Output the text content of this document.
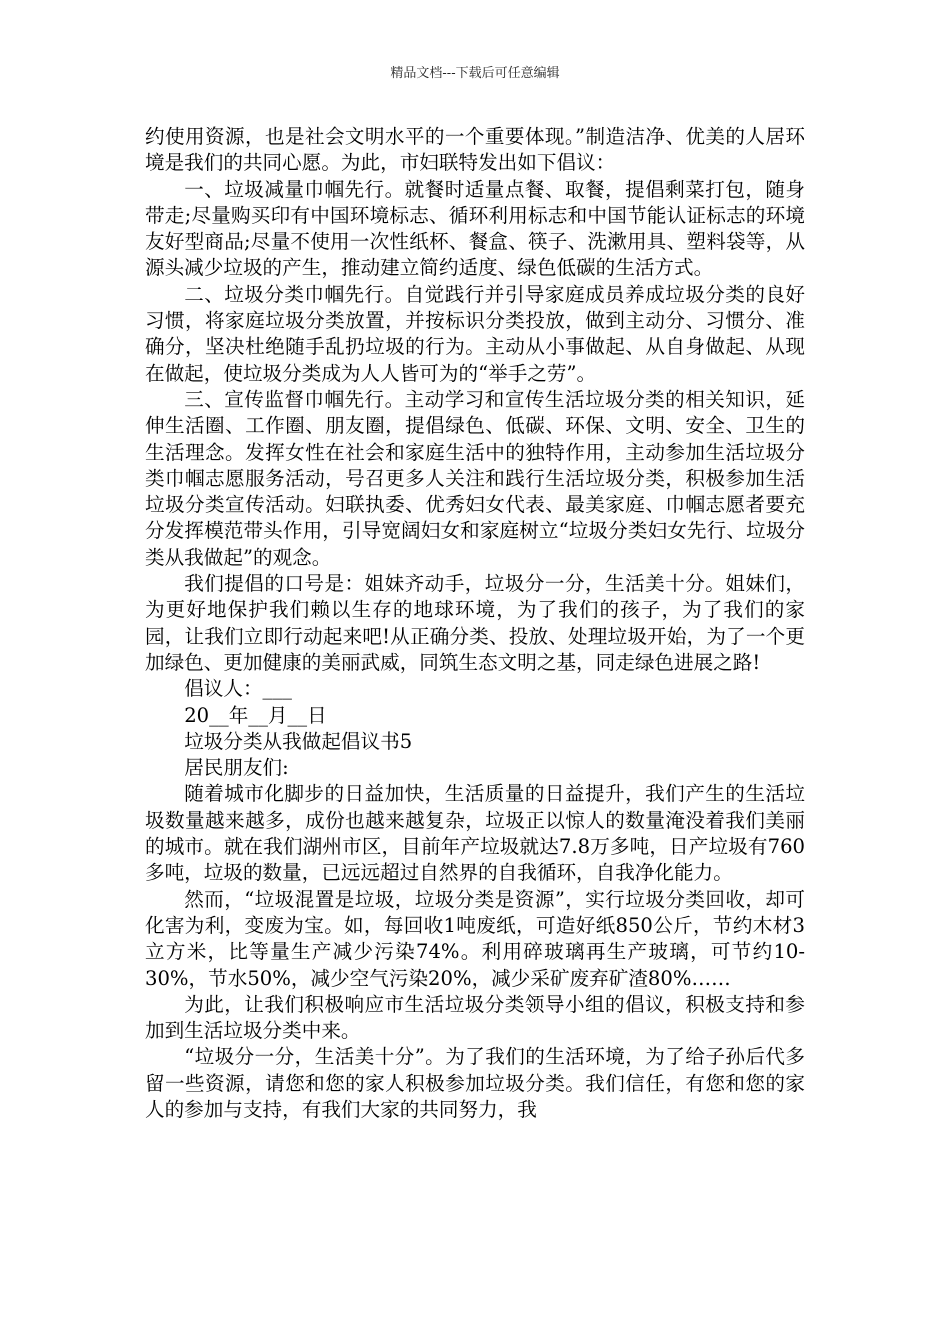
精品文档---下载后可任意编辑

约使用资源，也是社会文明水平的一个重要体现。”制造洁净、优美的人居环境是我们的共同心愿。为此，市妇联特发出如下倡议：

一、垃圾减量巾帼先行。就餐时适量点餐、取餐，提倡剩菜打包，随身带走;尽量购买印有中国环境标志、循环利用标志和中国节能认证标志的环境友好型商品;尽量不使用一次性纸杯、餐盒、筷子、洗漱用具、塑料袋等，从源头减少垃圾的产生，推动建立简约适度、绿色低碳的生活方式。

二、垃圾分类巾帼先行。自觉践行并引导家庭成员养成垃圾分类的良好习惯，将家庭垃圾分类放置，并按标识分类投放，做到主动分、习惯分、准确分，坚决杜绝随手乱扔垃圾的行为。主动从小事做起、从自身做起、从现在做起，使垃圾分类成为人人皆可为的“举手之劳”。

三、宣传监督巾帼先行。主动学习和宣传生活垃圾分类的相关知识，延伸生活圈、工作圈、朋友圈，提倡绿色、低碳、环保、文明、安全、卫生的生活理念。发挥女性在社会和家庭生活中的独特作用，主动参加生活垃圾分类巾帼志愿服务活动，号召更多人关注和践行生活垃圾分类，积极参加生活垃圾分类宣传活动。妇联执委、优秀妇女代表、最美家庭、巾帼志愿者要充分发挥模范带头作用，引导宽阔妇女和家庭树立“垃圾分类妇女先行、垃圾分类从我做起”的观念。

我们提倡的口号是：姐妹齐动手，垃圾分一分，生活美十分。姐妹们，为更好地保护我们赖以生存的地球环境，为了我们的孩子，为了我们的家园，让我们立即行动起来吧!从正确分类、投放、处理垃圾开始，为了一个更加绿色、更加健康的美丽武威，同筑生态文明之基，同走绿色进展之路!

倡议人：___

20__年__月__日

垃圾分类从我做起倡议书5

居民朋友们:

随着城市化脚步的日益加快，生活质量的日益提升，我们产生的生活垃圾数量越来越多，成份也越来越复杂，垃圾正以惊人的数量淹没着我们美丽的城市。就在我们湖州市区，目前年产垃圾就达7.8万多吨，日产垃圾有760多吨，垃圾的数量，已远远超过自然界的自我循环，自我净化能力。

然而，“垃圾混置是垃圾，垃圾分类是资源”，实行垃圾分类回收，却可化害为利，变废为宝。如，每回收1吨废纸，可造好纸850公斤，节约木材3立方米，比等量生产减少污染74%。利用碎玻璃再生产玻璃，可节约10-30%，节水50%，减少空气污染20%，减少采矿废弃矿渣80%……

为此，让我们积极响应市生活垃圾分类领导小组的倡议，积极支持和参加到生活垃圾分类中来。

“垃圾分一分，生活美十分”。为了我们的生活环境，为了给子孙后代多留一些资源，请您和您的家人积极参加垃圾分类。我们信任，有您和您的家人的参加与支持，有我们大家的共同努力，我
